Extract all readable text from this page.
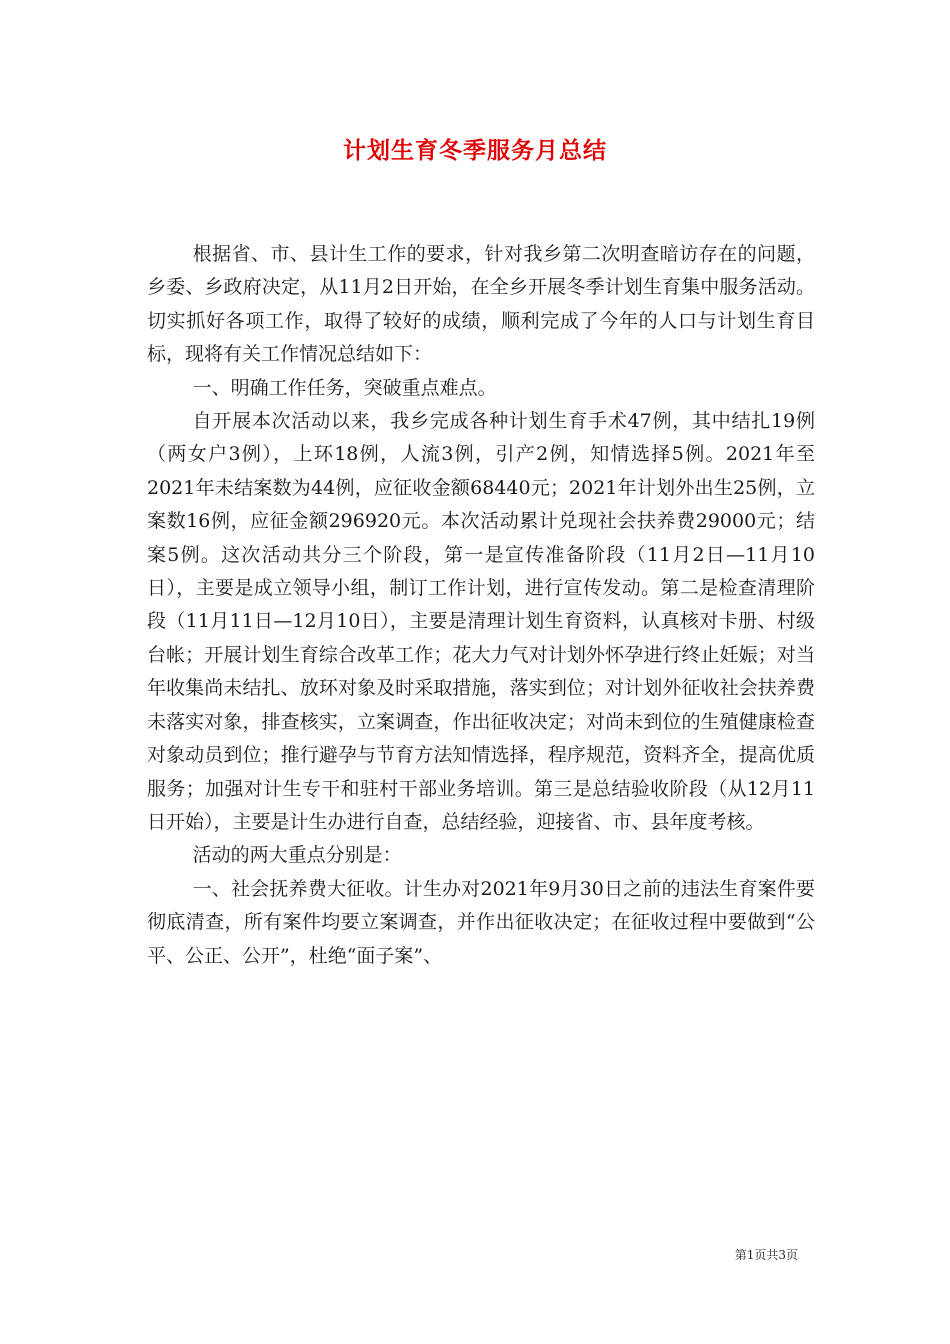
计划生育冬季服务月总结

根据省、市、县计生工作的要求，针对我乡第二次明查暗访存在的问题，乡委、乡政府决定，从11月2日开始，在全乡开展冬季计划生育集中服务活动。切实抓好各项工作，取得了较好的成绩，顺利完成了今年的人口与计划生育目标，现将有关工作情况总结如下：

一、明确工作任务，突破重点难点。

自开展本次活动以来，我乡完成各种计划生育手术47例，其中结扎19例（两女户3例），上环18例，人流3例，引产2例，知情选择5例。2021年至2021年未结案数为44例，应征收金额68440元；2021年计划外出生25例，立案数16例，应征金额296920元。本次活动累计兑现社会扶养费29000元；结案5例。这次活动共分三个阶段，第一是宣传准备阶段（11月2日—11月10日），主要是成立领导小组，制订工作计划，进行宣传发动。第二是检查清理阶段（11月11日—12月10日），主要是清理计划生育资料，认真核对卡册、村级台帐；开展计划生育综合改革工作；花大力气对计划外怀孕进行终止妊娠；对当年收集尚未结扎、放环对象及时采取措施，落实到位；对计划外征收社会扶养费未落实对象，排查核实，立案调查，作出征收决定；对尚未到位的生殖健康检查对象动员到位；推行避孕与节育方法知情选择，程序规范，资料齐全，提高优质服务；加强对计生专干和驻村干部业务培训。第三是总结验收阶段（从12月11日开始），主要是计生办进行自查，总结经验，迎接省、市、县年度考核。

活动的两大重点分别是：

一、社会抚养费大征收。计生办对2021年9月30日之前的违法生育案件要彻底清查，所有案件均要立案调查，并作出征收决定；在征收过程中要做到“公平、公正、公开”，杜绝“面子案”、

第1页共3页
